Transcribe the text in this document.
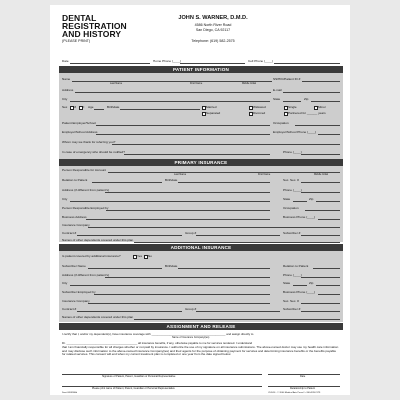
DENTAL
REGISTRATION
AND HISTORY
(PLEASE PRINT)
JOHN S. WARNER, D.M.D.
4586 North River Road
San Diego, CA 92117
Telephone: (619) 582-2575
Date	Home Phone (____)	Cell Phone (____)
PATIENT INFORMATION
Name
Last Name	First Name	Middle Initial
SS/HIC/Patient ID #
Address	E-mail
City	State	Zip
Sex M F Age	Birthdate	Married
Separated
Widowed
Divorced
Single	Minor
Partnered for ______ years
Patient Employer/School	Occupation
Employer/School Address	Employer/School Phone (____)
Whom may we thank for referring you?
In case of emergency who should be notified?	Phone (____)
PRIMARY INSURANCE
Person Responsible for Account
Last Name	First Name	Middle Initial
Relation to Patient	Birthdate	Soc. Sec. #
Address (if different from patient's)	Phone (____)
City	State	Zip
Person Responsible Employed by	Occupation
Business Address	Business Phone (____)
Insurance Company
Contract #	Group #	Subscriber #
Names of other dependents covered under this plan
ADDITIONAL INSURANCE
Is patient covered by additional insurance?	Yes No
Subscriber Name	Birthdate	Relation to Patient
Address (if different from patient's)	Phone (____)
City	State	Zip
Subscriber Employed by	Business Phone (____)
Insurance Company	Soc. Sec. #
Contract #	Group #	Subscriber #
Names of other dependents covered under this plan
ASSIGNMENT AND RELEASE
I certify that I, and/or my dependent(s), have insurance coverage with ______________________________________________ and assign directly to
Name of Insurance Company(ies)
Dr. ____________________________________________ all insurance benefits, if any, otherwise payable to me for services rendered. I understand
that I am financially responsible for all charges whether or not paid by insurance. I authorize the use of my signature on all insurance submissions. The above-named doctor may use my health care information and may disclose such information to the above-named Insurance Company(ies) and their agents for the purpose of obtaining payment for services and determining insurance benefits or the benefits payable for related services. This consent will end when my current treatment plan is completed or one year from the date signed below.
Signature of Patient, Parent, Guardian or Personal Representative	Date
Please print name of Patient, Parent, Guardian or Personal Representative	Relationship to Patient
Dent 0265908d	#10516 - © 2004 Medical Arts Press® • 800-328-2179
